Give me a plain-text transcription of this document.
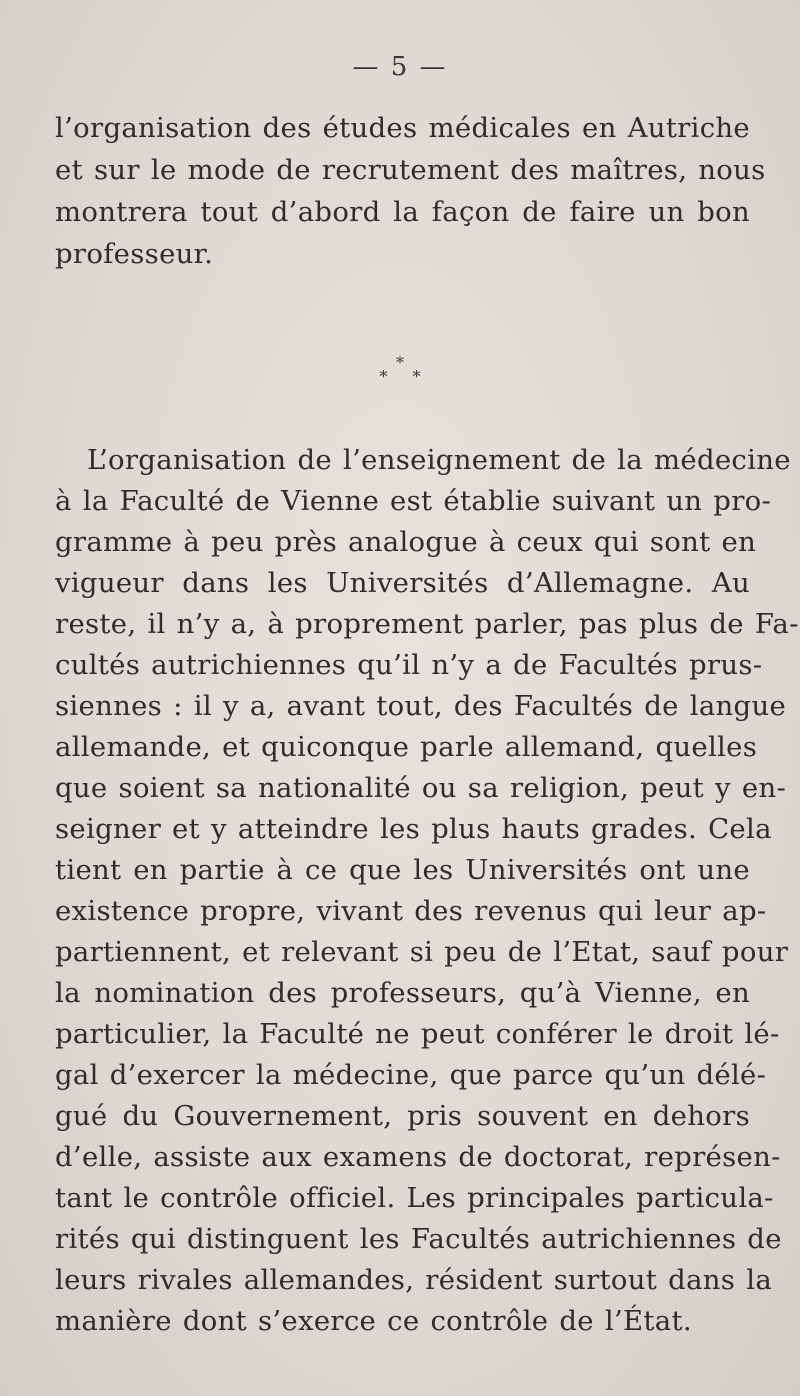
— 5 —
l’organisation des études médicales en Autriche
et sur le mode de recrutement des maîtres, nous
montrera tout d’abord la façon de faire un bon
professeur.
*
* *
L’organisation de l’enseignement de la médecine
à la Faculté de Vienne est établie suivant un pro-
gramme à peu près analogue à ceux qui sont en
vigueur dans les Universités d’Allemagne. Au
reste, il n’y a, à proprement parler, pas plus de Fa-
cultés autrichiennes qu’il n’y a de Facultés prus-
siennes : il y a, avant tout, des Facultés de langue
allemande, et quiconque parle allemand, quelles
que soient sa nationalité ou sa religion, peut y en-
seigner et y atteindre les plus hauts grades. Cela
tient en partie à ce que les Universités ont une
existence propre, vivant des revenus qui leur ap-
partiennent, et relevant si peu de l’Etat, sauf pour
la nomination des professeurs, qu’à Vienne, en
particulier, la Faculté ne peut conférer le droit lé-
gal d’exercer la médecine, que parce qu’un délé-
gué du Gouvernement, pris souvent en dehors
d’elle, assiste aux examens de doctorat, représen-
tant le contrôle officiel. Les principales particula-
rités qui distinguent les Facultés autrichiennes de
leurs rivales allemandes, résident surtout dans la
manière dont s’exerce ce contrôle de l’État.
